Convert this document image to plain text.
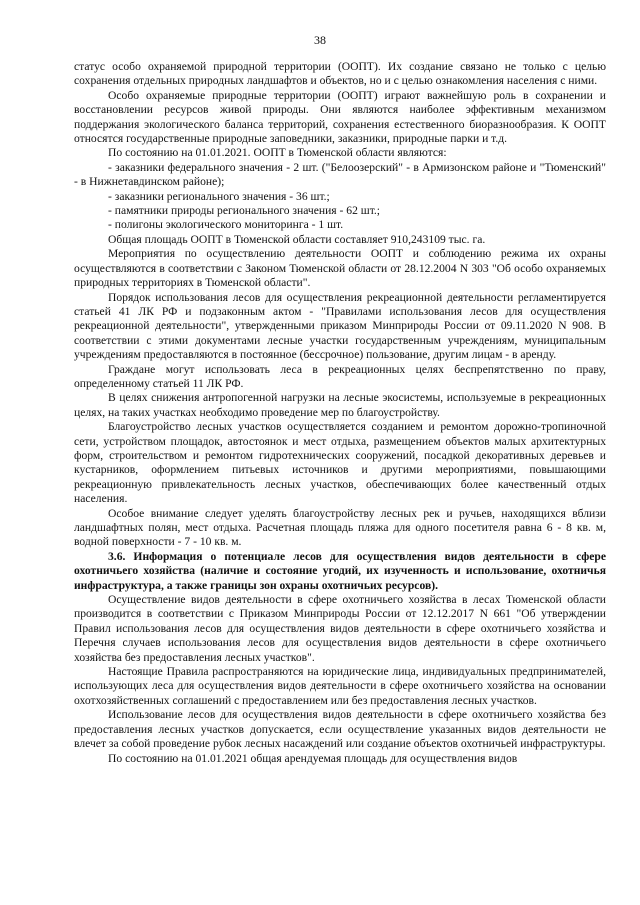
38

статус особо охраняемой природной территории (ООПТ). Их создание связано не только с целью сохранения отдельных природных ландшафтов и объектов, но и с целью ознакомления населения с ними.

Особо охраняемые природные территории (ООПТ) играют важнейшую роль в сохранении и восстановлении ресурсов живой природы. Они являются наиболее эффективным механизмом поддержания экологического баланса территорий, сохранения естественного биоразнообразия. К ООПТ относятся государственные природные заповедники, заказники, природные парки и т.д.

По состоянию на 01.01.2021. ООПТ в Тюменской области являются:

- заказники федерального значения - 2 шт. ("Белоозерский" - в Армизонском районе и "Тюменский" - в Нижнетавдинском районе);

- заказники регионального значения - 36 шт.;

- памятники природы регионального значения - 62 шт.;

- полигоны экологического мониторинга - 1 шт.

Общая площадь ООПТ в Тюменской области составляет 910,243109 тыс. га.

Мероприятия по осуществлению деятельности ООПТ и соблюдению режима их охраны осуществляются в соответствии с Законом Тюменской области от 28.12.2004 N 303 "Об особо охраняемых природных территориях в Тюменской области".

Порядок использования лесов для осуществления рекреационной деятельности регламентируется статьей 41 ЛК РФ и подзаконным актом - "Правилами использования лесов для осуществления рекреационной деятельности", утвержденными приказом Минприроды России от 09.11.2020 N 908. В соответствии с этими документами лесные участки государственным учреждениям, муниципальным учреждениям предоставляются в постоянное (бессрочное) пользование, другим лицам - в аренду.

Граждане могут использовать леса в рекреационных целях беспрепятственно по праву, определенному статьей 11 ЛК РФ.

В целях снижения антропогенной нагрузки на лесные экосистемы, используемые в рекреационных целях, на таких участках необходимо проведение мер по благоустройству.

Благоустройство лесных участков осуществляется созданием и ремонтом дорожно-тропиночной сети, устройством площадок, автостоянок и мест отдыха, размещением объектов малых архитектурных форм, строительством и ремонтом гидротехнических сооружений, посадкой декоративных деревьев и кустарников, оформлением питьевых источников и другими мероприятиями, повышающими рекреационную привлекательность лесных участков, обеспечивающих более качественный отдых населения.

Особое внимание следует уделять благоустройству лесных рек и ручьев, находящихся вблизи ландшафтных полян, мест отдыха. Расчетная площадь пляжа для одного посетителя равна 6 - 8 кв. м, водной поверхности - 7 - 10 кв. м.

3.6. Информация о потенциале лесов для осуществления видов деятельности в сфере охотничьего хозяйства (наличие и состояние угодий, их изученность и использование, охотничья инфраструктура, а также границы зон охраны охотничьих ресурсов).

Осуществление видов деятельности в сфере охотничьего хозяйства в лесах Тюменской области производится в соответствии с Приказом Минприроды России от 12.12.2017 N 661 "Об утверждении Правил использования лесов для осуществления видов деятельности в сфере охотничьего хозяйства и Перечня случаев использования лесов для осуществления видов деятельности в сфере охотничьего хозяйства без предоставления лесных участков".

Настоящие Правила распространяются на юридические лица, индивидуальных предпринимателей, использующих леса для осуществления видов деятельности в сфере охотничьего хозяйства на основании охотхозяйственных соглашений с предоставлением или без предоставления лесных участков.

Использование лесов для осуществления видов деятельности в сфере охотничьего хозяйства без предоставления лесных участков допускается, если осуществление указанных видов деятельности не влечет за собой проведение рубок лесных насаждений или создание объектов охотничьей инфраструктуры.

По состоянию на 01.01.2021 общая арендуемая площадь для осуществления видов
